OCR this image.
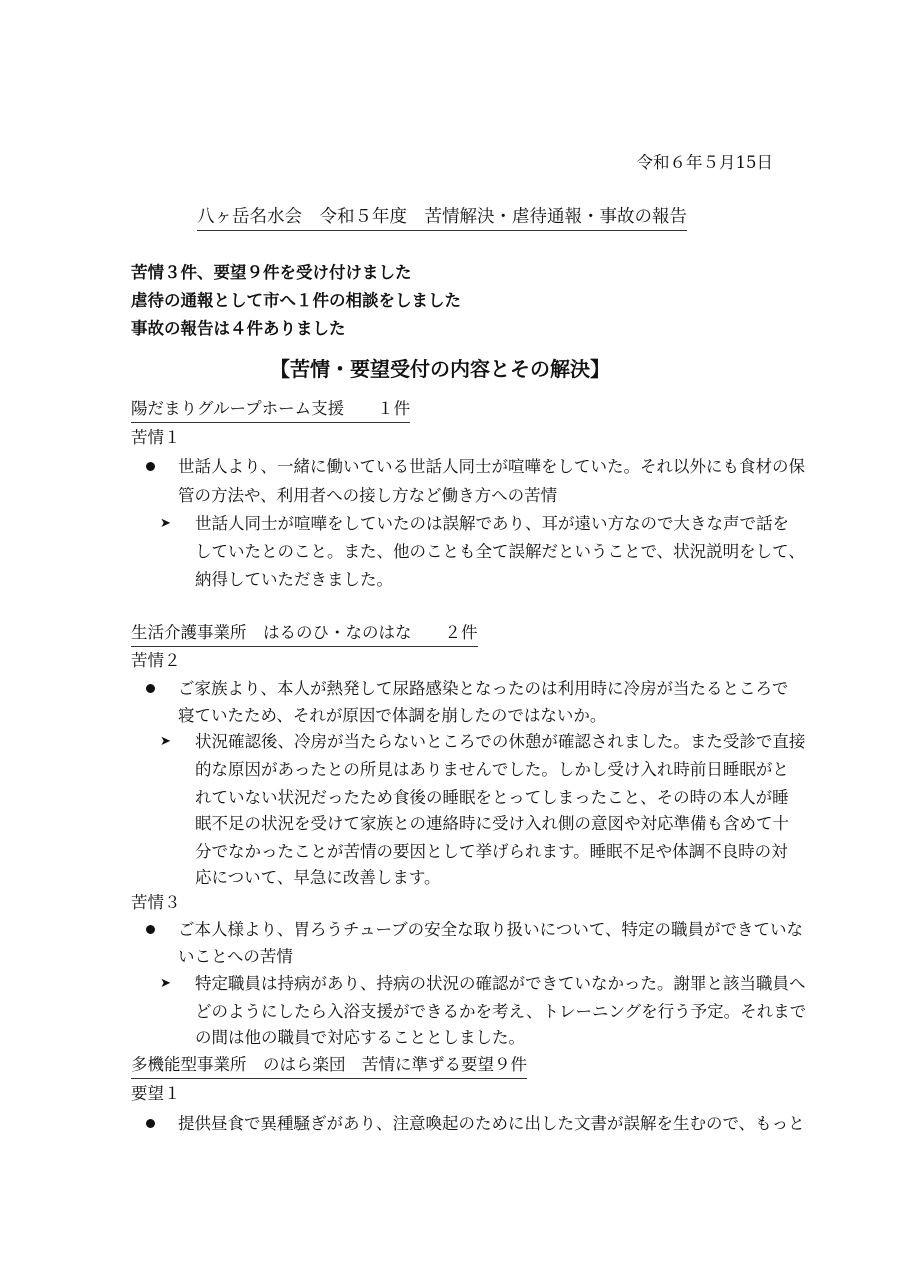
令和６年５月15日
八ヶ岳名水会　令和５年度　苦情解決・虐待通報・事故の報告
苦情３件、要望９件を受け付けました
虐待の通報として市へ１件の相談をしました
事故の報告は４件ありました
【苦情・要望受付の内容とその解決】
陽だまりグループホーム支援　　１件
苦情１
世話人より、一緒に働いている世話人同士が喧嘩をしていた。それ以外にも食材の保
管の方法や、利用者への接し方など働き方への苦情
➤ 世話人同士が喧嘩をしていたのは誤解であり、耳が遠い方なので大きな声で話を
していたとのこと。また、他のことも全て誤解だということで、状況説明をして、
納得していただきました。
生活介護事業所　はるのひ・なのはな　　２件
苦情２
ご家族より、本人が熱発して尿路感染となったのは利用時に冷房が当たるところで
寝ていたため、それが原因で体調を崩したのではないか。
➤ 状況確認後、冷房が当たらないところでの休憩が確認されました。また受診で直接
的な原因があったとの所見はありませんでした。しかし受け入れ時前日睡眠がと
れていない状況だったため食後の睡眠をとってしまったこと、その時の本人が睡
眠不足の状況を受けて家族との連絡時に受け入れ側の意図や対応準備も含めて十
分でなかったことが苦情の要因として挙げられます。睡眠不足や体調不良時の対
応について、早急に改善します。
苦情３
ご本人様より、胃ろうチューブの安全な取り扱いについて、特定の職員ができていな
いことへの苦情
➤ 特定職員は持病があり、持病の状況の確認ができていなかった。謝罪と該当職員へ
どのようにしたら入浴支援ができるかを考え、トレーニングを行う予定。それまで
の間は他の職員で対応することとしました。
多機能型事業所　のはら楽団　苦情に準ずる要望９件
要望１
提供昼食で異種騒ぎがあり、注意喚起のために出した文書が誤解を生むので、もっと
